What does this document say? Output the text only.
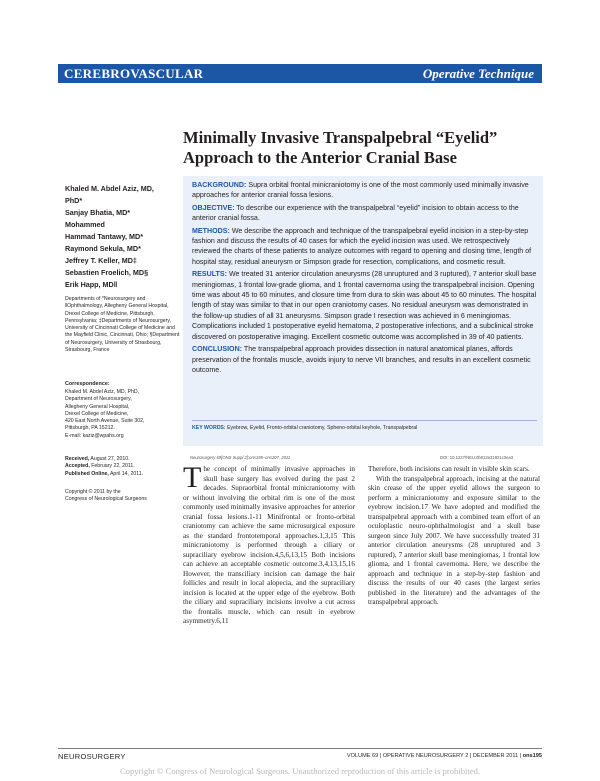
CEREBROVASCULAR	Operative Technique
Minimally Invasive Transpalpebral “Eyelid”
Approach to the Anterior Cranial Base
Khaled M. Abdel Aziz, MD,
PhD*
Sanjay Bhatia, MD*
Mohammed
Hammad Tantawy, MD*
Raymond Sekula, MD*
Jeffrey T. Keller, MD‡
Sebastien Froelich, MD§
Erik Happ, MD‖
Departments of *Neurosurgery and ‖Ophthalmology, Allegheny General Hospital, Drexel College of Medicine, Pittsburgh, Pennsylvania; ‡Departments of Neurosurgery, University of Cincinnati College of Medicine and the Mayfield Clinic, Cincinnati, Ohio; §Department of Neurosurgery, University of Strasbourg, Strasbourg, France
Correspondence:
Khaled M. Abdel Aziz, MD, PhD,
Department of Neurosurgery,
Allegheny General Hospital,
Drexel College of Medicine,
420 East North Avenue, Suite 302,
Pittsburgh, PA 15212.
E-mail: kaziz@wpahs.org
Received, August 27, 2010.
Accepted, February 22, 2011.
Published Online, April 14, 2011.
Copyright © 2011 by the
Congress of Neurological Surgeons

BACKGROUND: Supra orbital frontal minicraniotomy is one of the most commonly used minimally invasive approaches for anterior cranial fossa lesions.

OBJECTIVE: To describe our experience with the transpalpebral “eyelid” incision to obtain access to the anterior cranial fossa.

METHODS: We describe the approach and technique of the transpalpebral eyelid incision in a step-by-step fashion and discuss the results of 40 cases for which the eyelid incision was used. We retrospectively reviewed the charts of these patients to analyze outcomes with regard to opening and closing time, length of hospital stay, residual aneurysm or Simpson grade for resection, complications, and cosmetic result.

RESULTS: We treated 31 anterior circulation aneurysms (28 unruptured and 3 ruptured), 7 anterior skull base meningiomas, 1 frontal low-grade glioma, and 1 frontal cavernoma using the transpalpebral incision. Opening time was about 45 to 60 minutes, and closure time from dura to skin was about 45 to 60 minutes. The hospital length of stay was similar to that in our open craniotomy cases. No residual aneurysm was demonstrated in the follow-up studies of all 31 aneurysms. Simpson grade I resection was achieved in 6 meningiomas. Complications included 1 postoperative eyelid hematoma, 2 postoperative infections, and a subclinical stroke discovered on postoperative imaging. Excellent cosmetic outcome was accomplished in 39 of 40 patients.

CONCLUSION: The transpalpebral approach provides dissection in natural anatomical planes, affords preservation of the frontalis muscle, avoids injury to nerve VII branches, and results in an excellent cosmetic outcome.

KEY WORDS: Eyebrow, Eyelid, Fronto-orbital craniotomy, Spheno-orbital keyhole, Transpalpebral
Neurosurgery 69[ONS Suppl 2]:ons195–ons207, 2011	DOI: 10.1227/NEU.0b013e31821c3ea3

The concept of minimally invasive approaches in skull base surgery has evolved during the past 2 decades. Supraorbital frontal minicraniotomy with or without involving the orbital rim is one of the most commonly used minimally invasive approaches for anterior cranial fossa lesions.1-11 Minifrontal or fronto-orbital craniotomy can achieve the same microsurgical exposure as the standard frontotemporal approaches.1,3,15 This minicraniotomy is performed through a ciliary or supraciliary eyebrow incision.4,5,6,13,15 Both incisions can achieve an acceptable cosmetic outcome.3,4,13,15,16 However, the transciliary incision can damage the hair follicles and result in local alopecia, and the supraciliary incision is located at the upper edge of the eyebrow. Both the ciliary and supraciliary incisions involve a cut across the frontalis muscle, which can result in eyebrow asymmetry.6,11

Therefore, both incisions can result in visible skin scars.

With the transpalpebral approach, incising at the natural skin crease of the upper eyelid allows the surgeon to perform a minicraniotomy and exposure similar to the eyebrow incision.17 We have adopted and modified the transpalpebral approach with a combined team effort of an oculoplastic neuro-ophthalmologist and a skull base surgeon since July 2007. We have successfully treated 31 anterior circulation aneurysms (28 unruptured and 3 ruptured), 7 anterior skull base meningiomas, 1 frontal low glioma, and 1 frontal cavernoma. Here, we describe the approach and technique in a step-by-step fashion and discuss the results of our 40 cases (the largest series published in the literature) and the advantages of the transpalpebral approach.

NEUROSURGERY	VOLUME 69 | OPERATIVE NEUROSURGERY 2 | DECEMBER 2011 | ons195
Copyright © Congress of Neurological Surgeons. Unauthorized reproduction of this article is prohibited.
